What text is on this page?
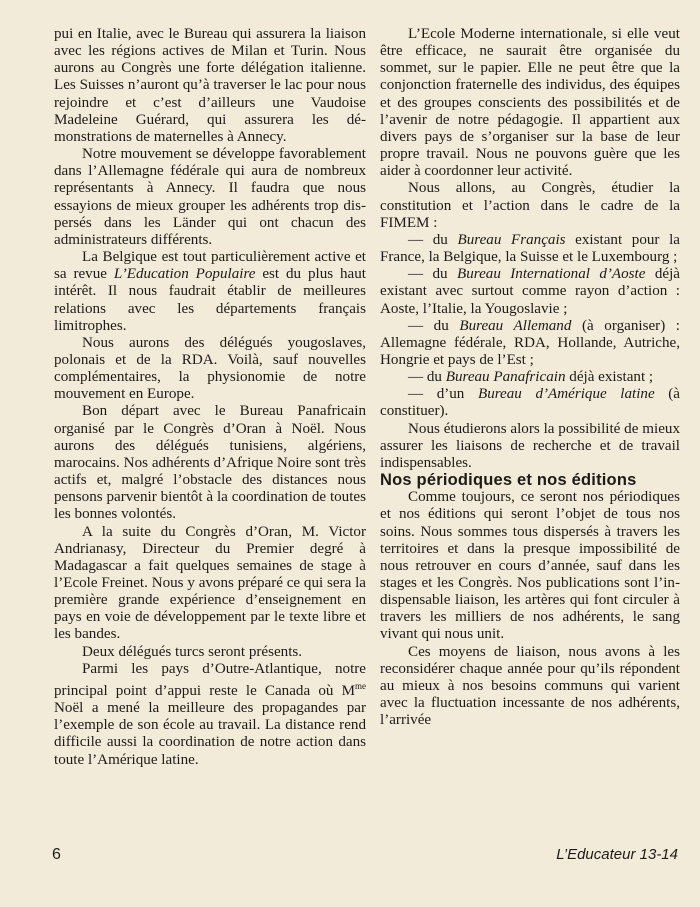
pui en Italie, avec le Bureau qui assurera la liaison avec les régions actives de Milan et Turin. Nous aurons au Congrès une forte délégation italienne. Les Suisses n’auront qu’à traverser le lac pour nous rejoindre et c’est d’ailleurs une Vaudoise Madeleine Guérard, qui assurera les démonstrations de maternelles à Annecy.

Notre mouvement se développe favorablement dans l’Allemagne fédérale qui aura de nombreux représentants à Annecy. Il faudra que nous essayions de mieux grouper les adhérents trop dispersés dans les Länder qui ont chacun des administrateurs différents.

La Belgique est tout particulièrement active et sa revue L’Education Populaire est du plus haut intérêt. Il nous faudrait établir de meilleures relations avec les départements français limitrophes.

Nous aurons des délégués yougoslaves, polonais et de la RDA. Voilà, sauf nouvelles complémentaires, la physionomie de notre mouvement en Europe.

Bon départ avec le Bureau Panafricain organisé par le Congrès d’Oran à Noël. Nous aurons des délégués tunisiens, algériens, marocains. Nos adhérents d’Afrique Noire sont très actifs et, malgré l’obstacle des distances nous pensons parvenir bientôt à la coordination de toutes les bonnes volontés.

A la suite du Congrès d’Oran, M. Victor Andrianasy, Directeur du Premier degré à Madagascar a fait quelques semaines de stage à l’Ecole Freinet. Nous y avons préparé ce qui sera la première grande expérience d’enseignement en pays en voie de développement par le texte libre et les bandes.

Deux délégués turcs seront présents.

Parmi les pays d’Outre-Atlantique, notre principal point d’appui reste le Canada où $M^{me}$ Noël a mené la meilleure des propagandes par l’exemple de son école au travail. La distance rend difficile aussi la coordination de notre action dans toute l’Amérique latine.

L’Ecole Moderne internationale, si elle veut être efficace, ne saurait être organisée du sommet, sur le papier. Elle ne peut être que la conjonction fraternelle des individus, des équipes et des groupes conscients des possibilités et de l’avenir de notre pédagogie. Il appartient aux divers pays de s’organiser sur la base de leur propre travail. Nous ne pouvons guère que les aider à coordonner leur activité.

Nous allons, au Congrès, étudier la constitution et l’action dans le cadre de la FIMEM :

— du Bureau Français existant pour la France, la Belgique, la Suisse et le Luxembourg ;

— du Bureau International d’Aoste déjà existant avec surtout comme rayon d’action : Aoste, l’Italie, la Yougoslavie ;

— du Bureau Allemand (à organiser) : Allemagne fédérale, RDA, Hollande, Autriche, Hongrie et pays de l’Est ;

— du Bureau Panafricain déjà existant ;

— d’un Bureau d’Amérique latine (à constituer).

Nous étudierons alors la possibilité de mieux assurer les liaisons de recherche et de travail indispensables.

Nos périodiques et nos éditions

Comme toujours, ce seront nos périodiques et nos éditions qui seront l’objet de tous nos soins. Nous sommes tous dispersés à travers les territoires et dans la presque impossibilité de nous retrouver en cours d’année, sauf dans les stages et les Congrès. Nos publications sont l’indispensable liaison, les artères qui font circuler à travers les milliers de nos adhérents, le sang vivant qui nous unit.

Ces moyens de liaison, nous avons à les reconsidérer chaque année pour qu’ils répondent au mieux à nos besoins communs qui varient avec la fluctuation incessante de nos adhérents, l’arrivée

6	L’Educateur 13-14
